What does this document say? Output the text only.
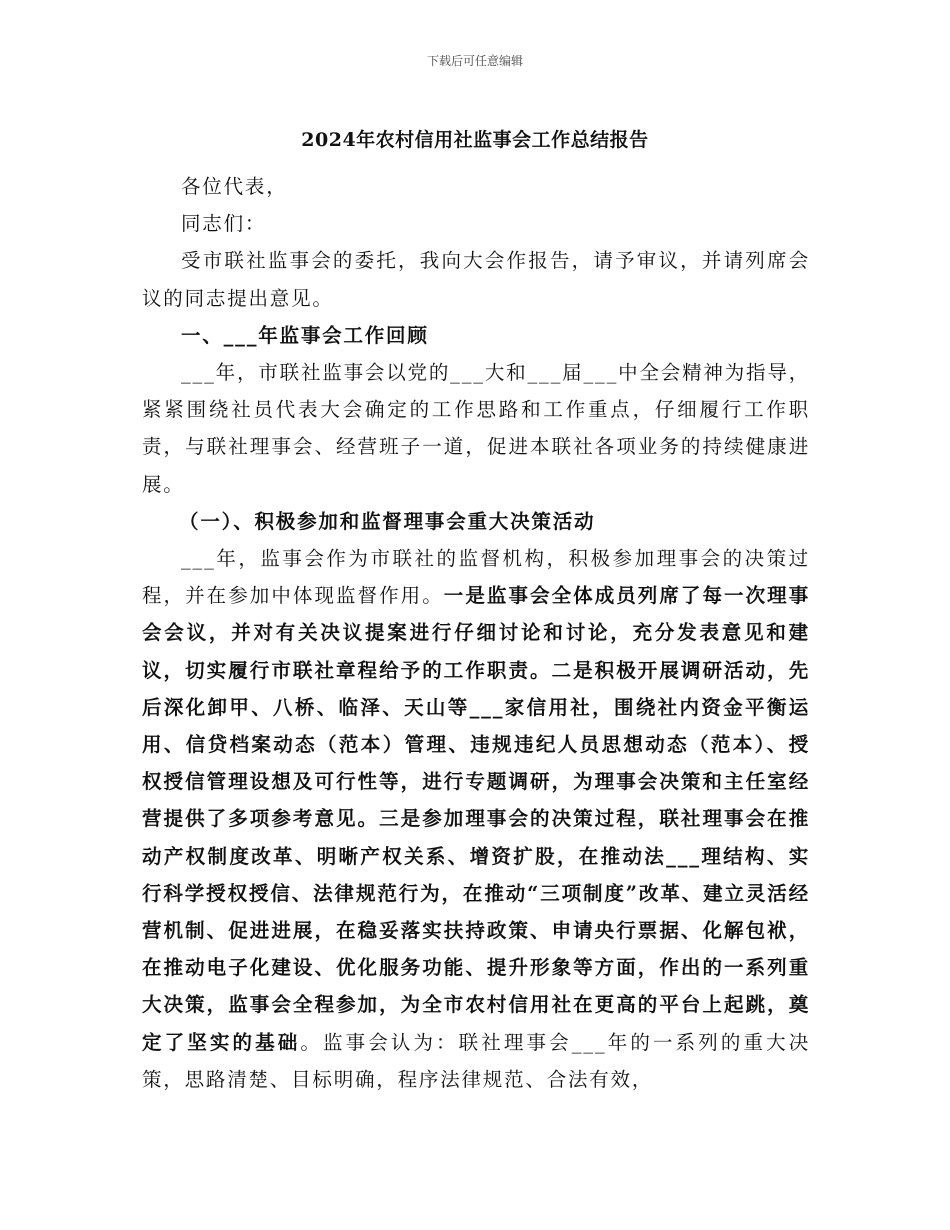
下载后可任意编辑
2024年农村信用社监事会工作总结报告

各位代表，

同志们：

受市联社监事会的委托，我向大会作报告，请予审议，并请列席会议的同志提出意见。

一、___年监事会工作回顾

___年，市联社监事会以党的___大和___届___中全会精神为指导，紧紧围绕社员代表大会确定的工作思路和工作重点，仔细履行工作职责，与联社理事会、经营班子一道，促进本联社各项业务的持续健康进展。

（一）、积极参加和监督理事会重大决策活动

___年，监事会作为市联社的监督机构，积极参加理事会的决策过程，并在参加中体现监督作用。一是监事会全体成员列席了每一次理事会会议，并对有关决议提案进行仔细讨论和讨论，充分发表意见和建议，切实履行市联社章程给予的工作职责。二是积极开展调研活动，先后深化卸甲、八桥、临泽、天山等___家信用社，围绕社内资金平衡运用、信贷档案动态（范本）管理、违规违纪人员思想动态（范本）、授权授信管理设想及可行性等，进行专题调研，为理事会决策和主任室经营提供了多项参考意见。三是参加理事会的决策过程，联社理事会在推动产权制度改革、明晰产权关系、增资扩股，在推动法___理结构、实行科学授权授信、法律规范行为，在推动“三项制度”改革、建立灵活经营机制、促进进展，在稳妥落实扶持政策、申请央行票据、化解包袱，在推动电子化建设、优化服务功能、提升形象等方面，作出的一系列重大决策，监事会全程参加，为全市农村信用社在更高的平台上起跳，奠定了坚实的基础。监事会认为：联社理事会___年的一系列的重大决策，思路清楚、目标明确，程序法律规范、合法有效，
